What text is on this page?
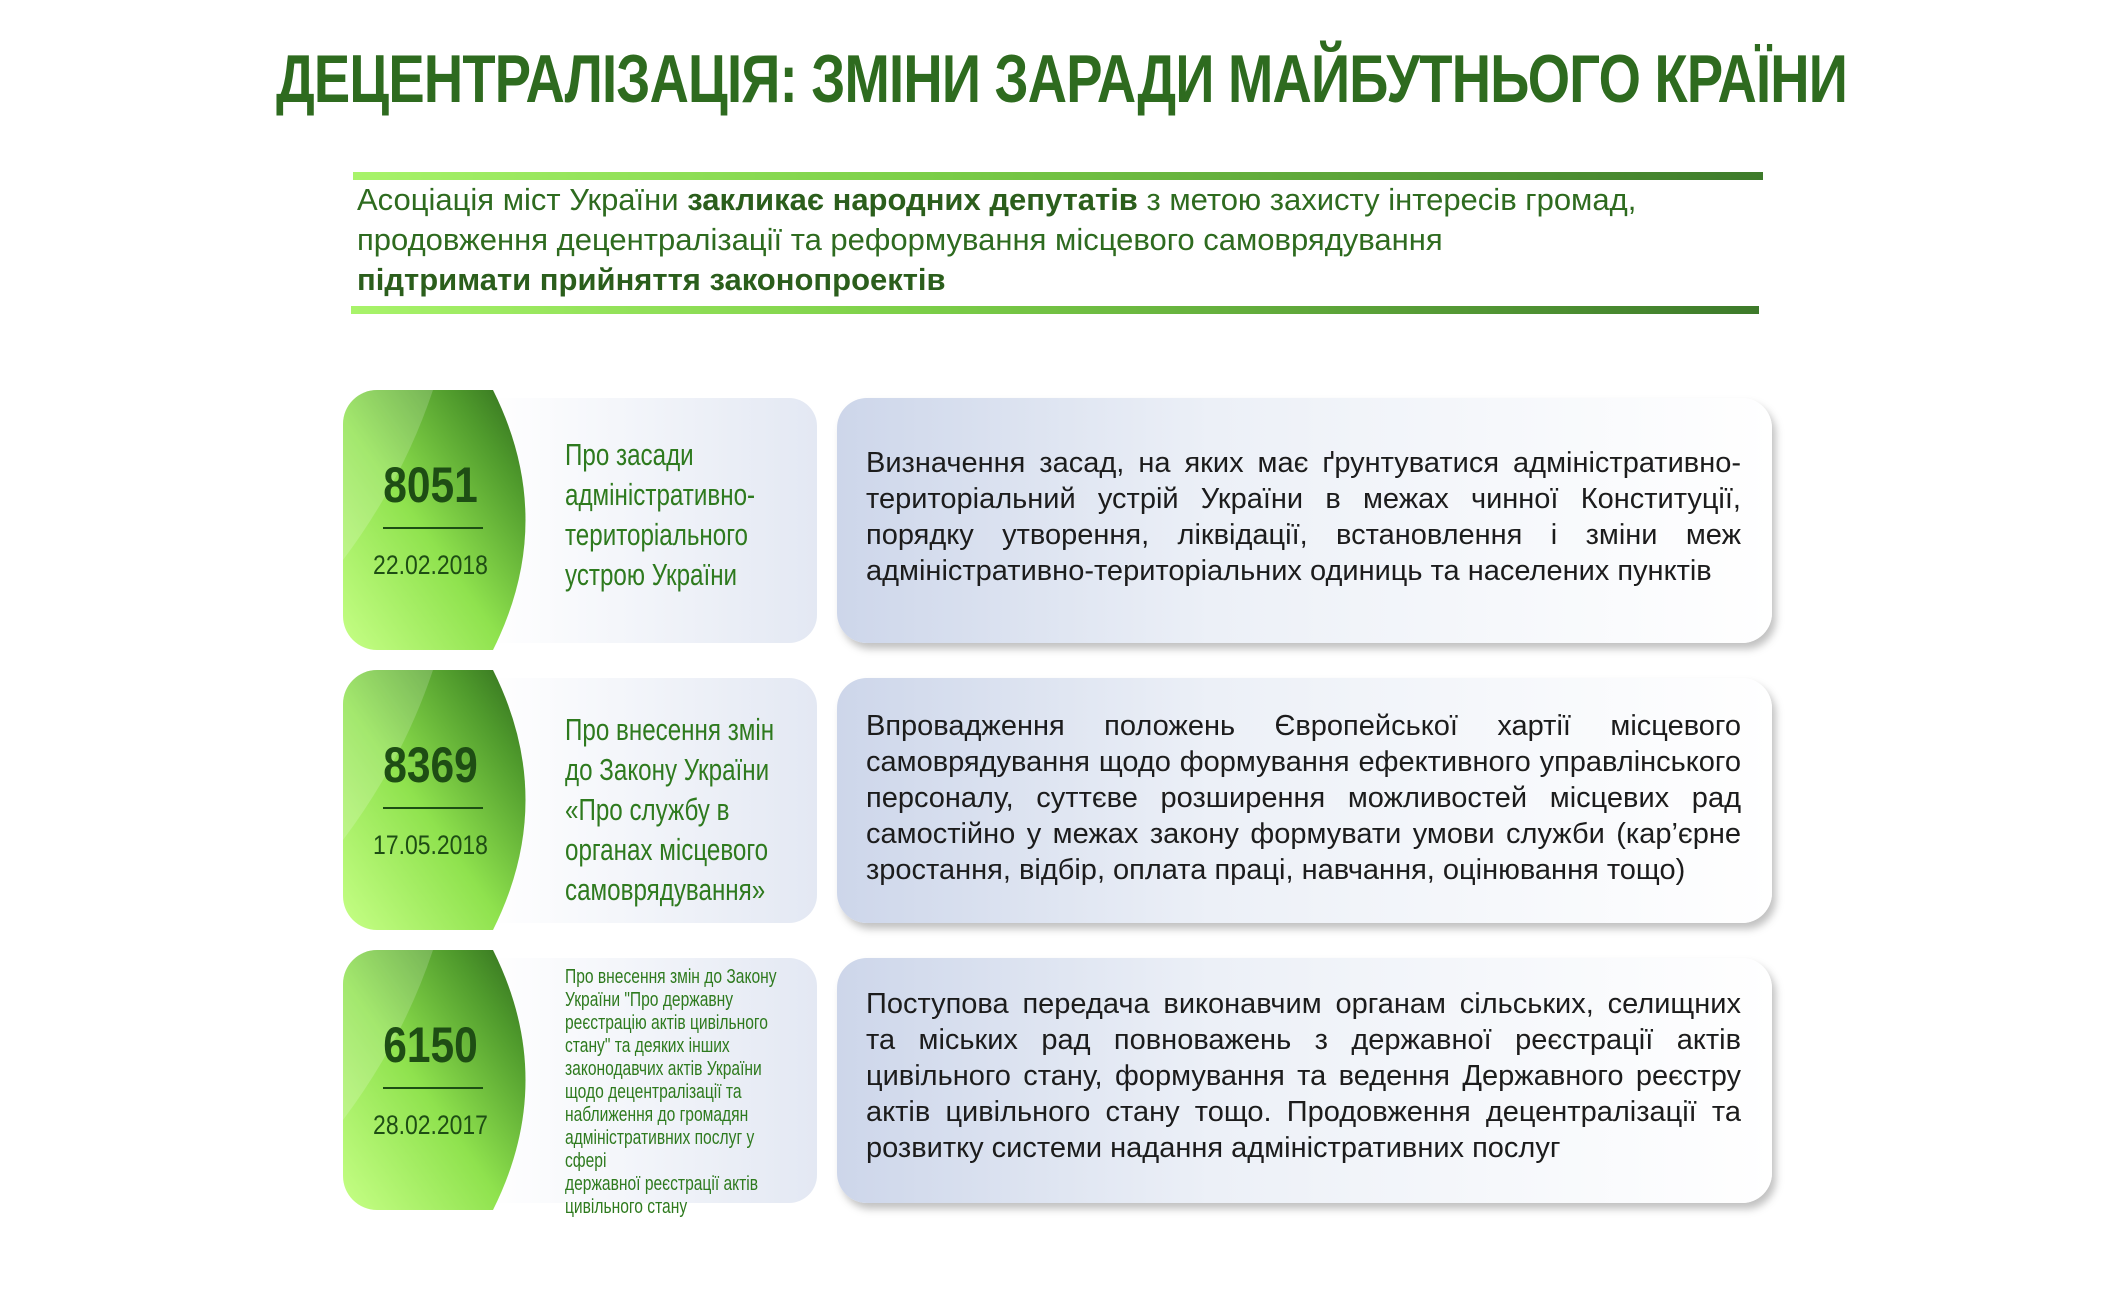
ДЕЦЕНТРАЛІЗАЦІЯ: ЗМІНИ ЗАРАДИ МАЙБУТНЬОГО КРАЇНИ
Асоціація міст України закликає народних депутатів з метою захисту інтересів громад, продовження децентралізації та реформування місцевого самоврядування
підтримати прийняття законопроектів
8051
22.02.2018
Про засади
адміністративно-
територіального
устрою України
Визначення засад, на яких має ґрунтуватися адміністративно-територіальний устрій України в межах чинної Конституції, порядку утворення, ліквідації, встановлення і зміни меж адміністративно-територіальних одиниць та населених пунктів
8369
17.05.2018
Про внесення змін
до Закону України
«Про службу в
органах місцевого
самоврядування»
Впровадження положень Європейської хартії місцевого самоврядування щодо формування ефективного управлінського персоналу, суттєве розширення можливостей місцевих рад самостійно у межах закону формувати умови служби (кар’єрне зростання, відбір, оплата праці, навчання, оцінювання тощо)
6150
28.02.2017
Про внесення змін до Закону
України "Про державну
реєстрацію актів цивільного
стану" та деяких інших
законодавчих актів України
щодо децентралізації та
наближення до громадян
адміністративних послуг у сфері
державної реєстрації актів
цивільного стану
Поступова передача виконавчим органам сільських, селищних та міських рад повноважень з державної реєстрації актів цивільного стану, формування та ведення Державного реєстру актів цивільного стану тощо. Продовження децентралізації та розвитку системи надання адміністративних послуг
